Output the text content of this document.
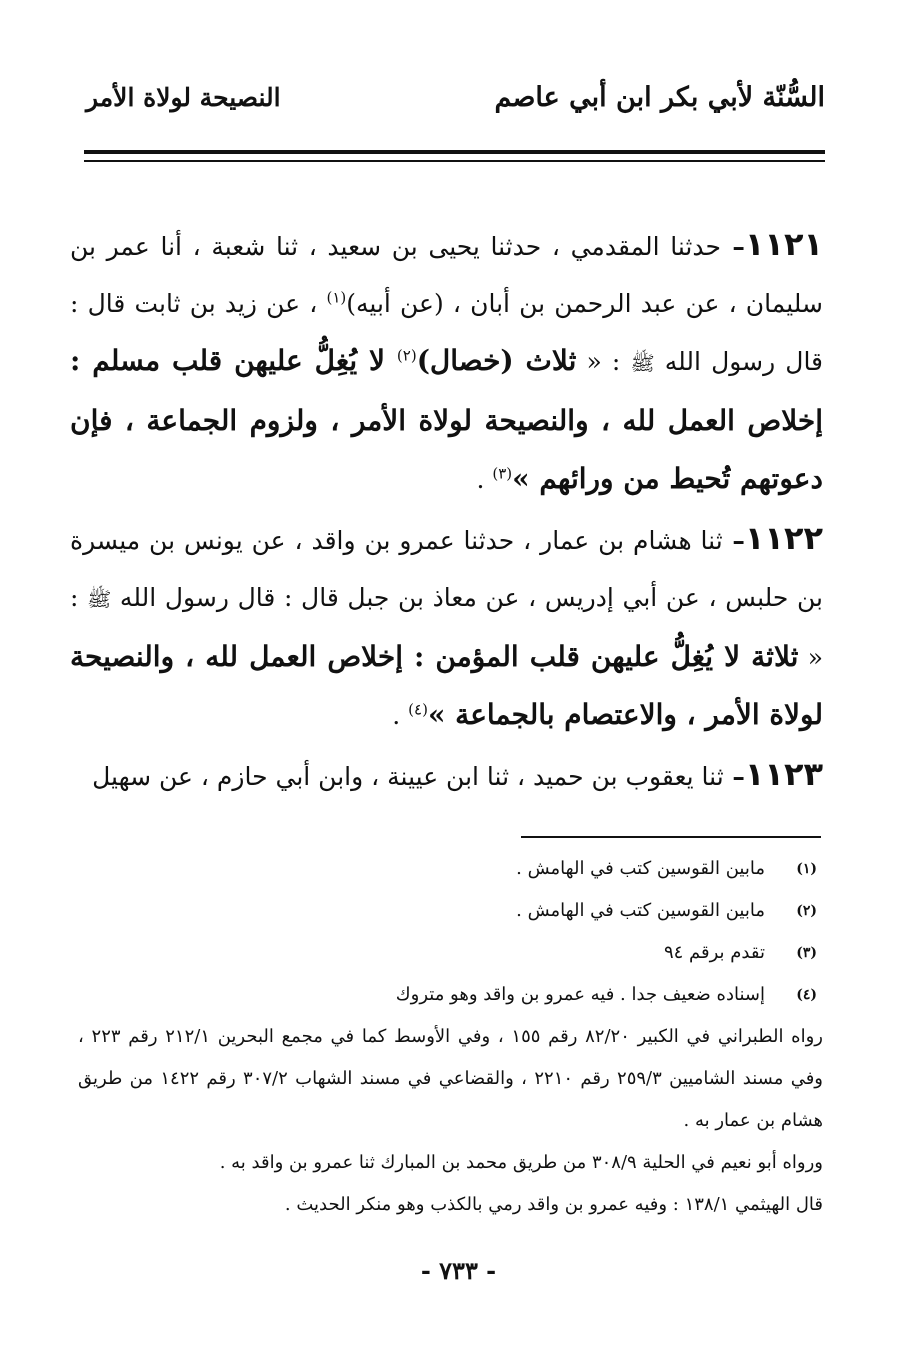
السُّنّة لأبي بكر ابن أبي عاصم
النصيحة لولاة الأمر

١١٢١– حدثنا المقدمي ، حدثنا يحيى بن سعيد ، ثنا شعبة ، أنا عمر بن سليمان ، عن عبد الرحمن بن أبان ، (عن أبيه)$^{(١)}$ ، عن زيد بن ثابت قال : قال رسول الله ﷺ : « ثلاث (خصال)$^{(٢)}$ لا يُغِلُّ عليهن قلب مسلم : إخلاص العمل لله ، والنصيحة لولاة الأمر ، ولزوم الجماعة ، فإن دعوتهم تُحيط من ورائهم »$^{(٣)}$ .

١١٢٢– ثنا هشام بن عمار ، حدثنا عمرو بن واقد ، عن يونس بن ميسرة بن حلبس ، عن أبي إدريس ، عن معاذ بن جبل قال : قال رسول الله ﷺ : « ثلاثة لا يُغِلُّ عليهن قلب المؤمن : إخلاص العمل لله ، والنصيحة لولاة الأمر ، والاعتصام بالجماعة »$^{(٤)}$ .

١١٢٣– ثنا يعقوب بن حميد ، ثنا ابن عيينة ، وابن أبي حازم ، عن سهيل

(١)
مابين القوسين كتب في الهامش .
(٢)
مابين القوسين كتب في الهامش .
(٣)
تقدم برقم ٩٤
(٤)
إسناده ضعيف جدا . فيه عمرو بن واقد وهو متروك
رواه الطبراني في الكبير ٨٢/٢٠ رقم ١٥٥ ، وفي الأوسط كما في مجمع البحرين ٢١٢/١ رقم ٢٢٣ ، وفي مسند الشاميين ٢٥٩/٣ رقم ٢٢١٠ ، والقضاعي في مسند الشهاب ٣٠٧/٢ رقم ١٤٢٢ من طريق هشام بن عمار به .
ورواه أبو نعيم في الحلية ٣٠٨/٩ من طريق محمد بن المبارك ثنا عمرو بن واقد به .
قال الهيثمي ١٣٨/١ : وفيه عمرو بن واقد رمي بالكذب وهو منكر الحديث .
- ٧٣٣ -
